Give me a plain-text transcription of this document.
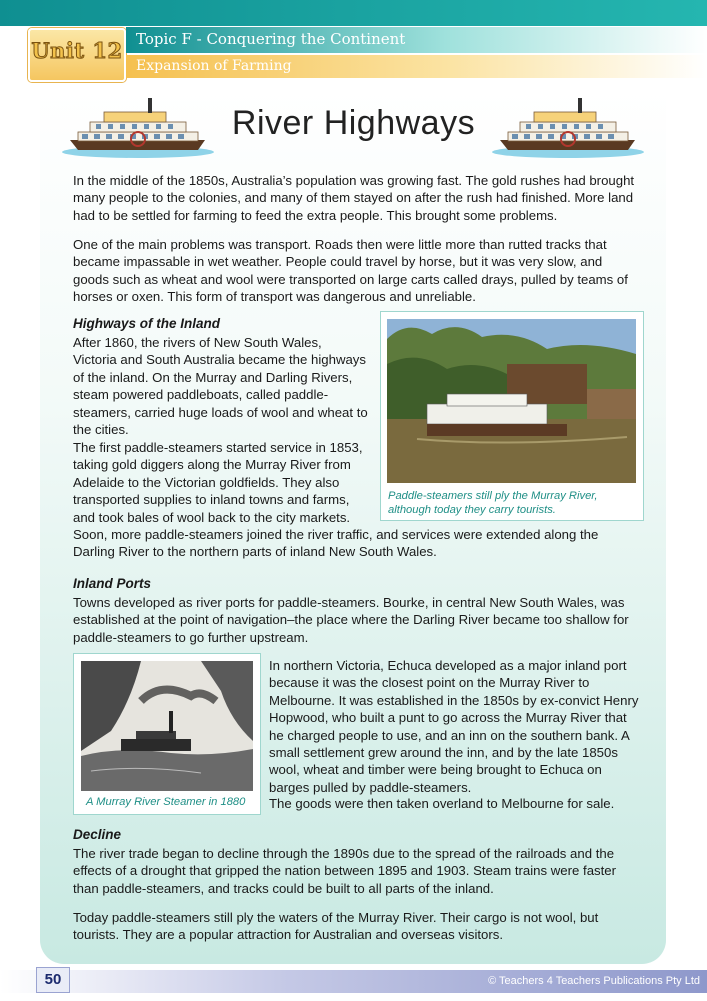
Unit 12 Topic F - Conquering the Continent
Expansion of Farming
River Highways

In the middle of the 1850s, Australia’s population was growing fast. The gold rushes had brought many people to the colonies, and many of them stayed on after the rush had finished. More land had to be settled for farming to feed the extra people. This brought some problems.

One of the main problems was transport. Roads then were little more than rutted tracks that became impassable in wet weather. People could travel by horse, but it was very slow, and goods such as wheat and wool were transported on large carts called drays, pulled by teams of horses or oxen. This form of transport was dangerous and unreliable.

Highways of the Inland

After 1860, the rivers of New South Wales, Victoria and South Australia became the highways of the inland. On the Murray and Darling Rivers, steam powered paddleboats, called paddle-steamers, carried huge loads of wool and wheat to the cities.

The first paddle-steamers started service in 1853, taking gold diggers along the Murray River from Adelaide to the Victorian goldfields. They also transported supplies to inland towns and farms, and took bales of wool back to the city markets.

Soon, more paddle-steamers joined the river traffic, and services were extended along the Darling River to the northern parts of inland New South Wales.

Paddle-steamers still ply the Murray River, although today they carry tourists.
Inland Ports

Towns developed as river ports for paddle-steamers. Bourke, in central New South Wales, was established at the point of navigation–the place where the Darling River became too shallow for paddle-steamers to go further upstream.

A Murray River Steamer in 1880

In northern Victoria, Echuca developed as a major inland port because it was the closest point on the Murray River to Melbourne. It was established in the 1850s by ex-convict Henry Hopwood, who built a punt to go across the Murray River that he charged people to use, and an inn on the southern bank. A small settlement grew around the inn, and by the late 1850s wool, wheat and timber were being brought to Echuca on barges pulled by paddle-steamers.

The goods were then taken overland to Melbourne for sale.

Decline

The river trade began to decline through the 1890s due to the spread of the railroads and the effects of a drought that gripped the nation between 1895 and 1903. Steam trains were faster than paddle-steamers, and tracks could be built to all parts of the inland.

Today paddle-steamers still ply the waters of the Murray River. Their cargo is not wool, but tourists. They are a popular attraction for Australian and overseas visitors.

50	© Teachers 4 Teachers Publications Pty Ltd
